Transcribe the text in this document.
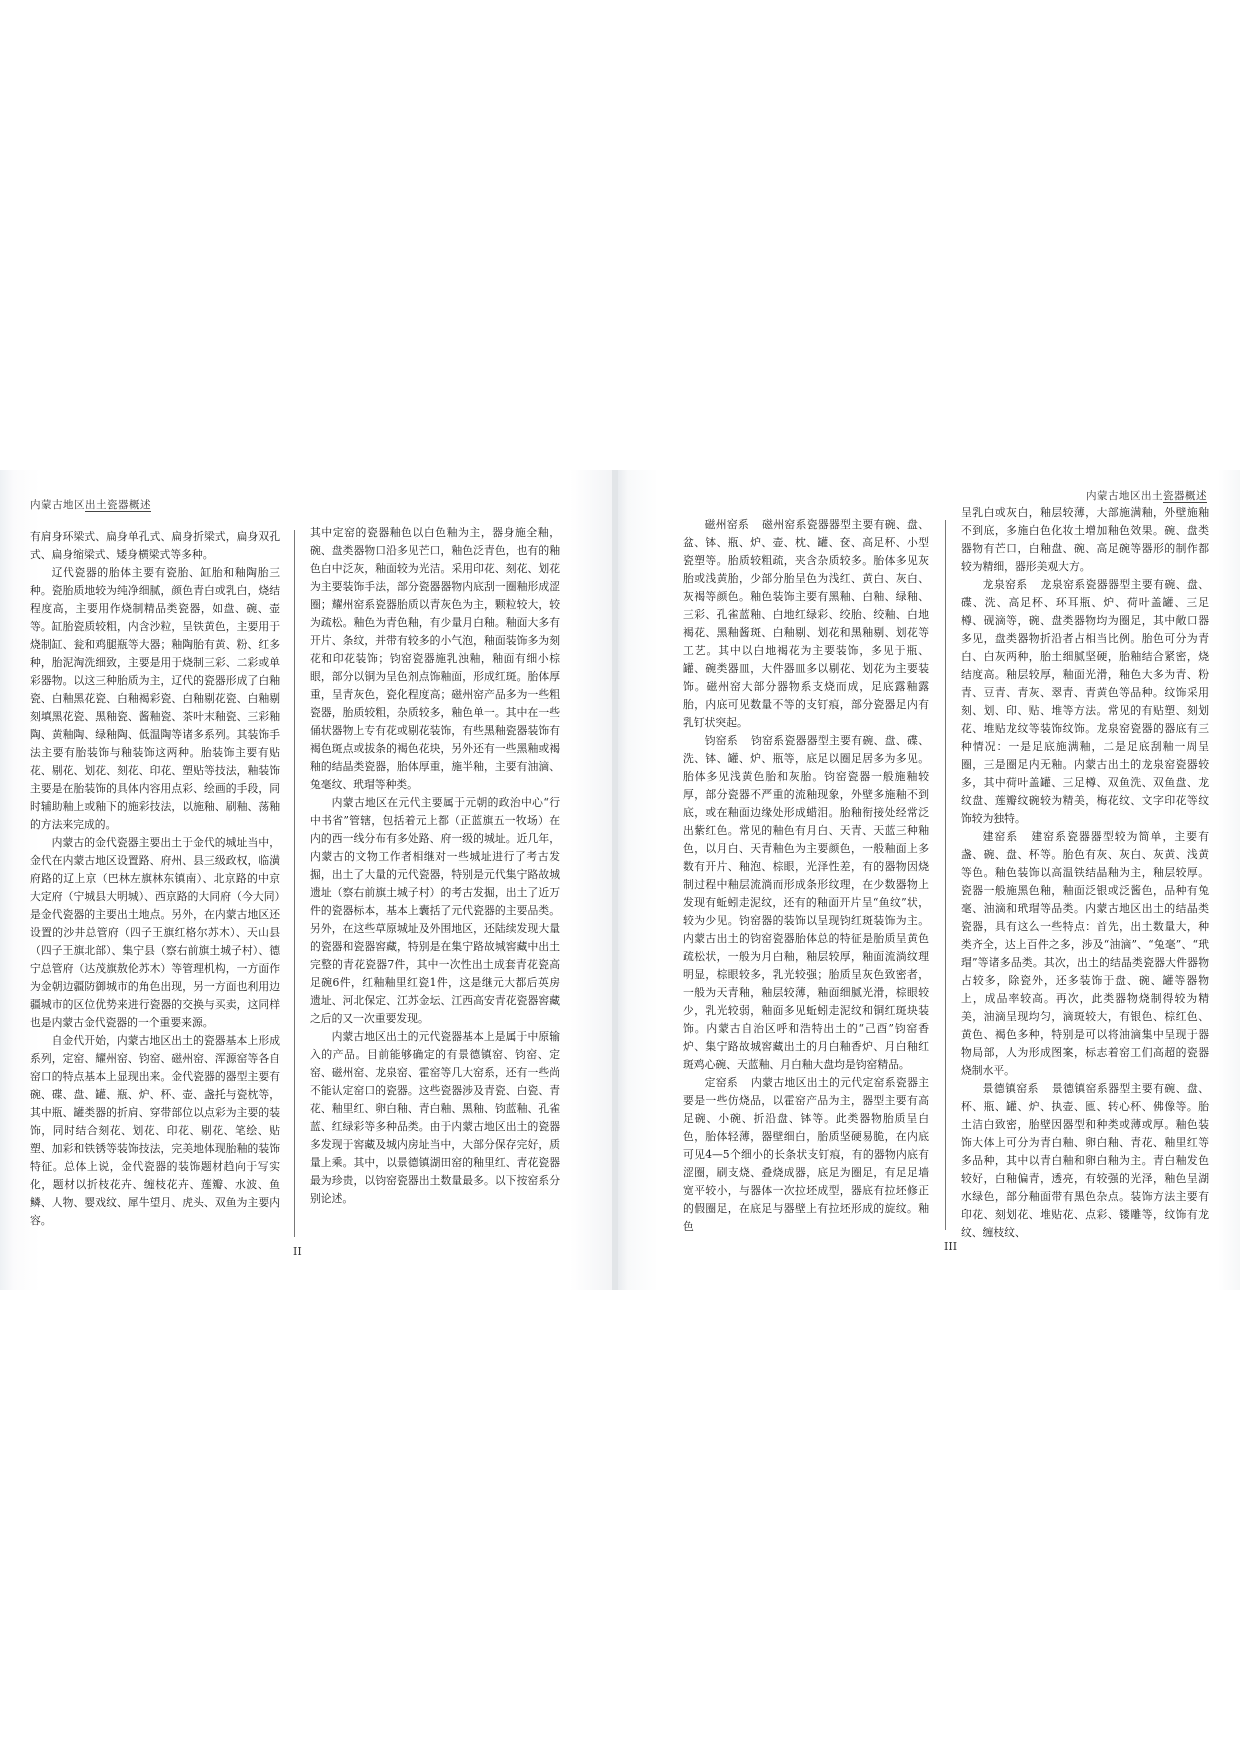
内蒙古地区出土瓷器概述
内蒙古地区出土瓷器概述

有肩身环梁式、扁身单孔式、扁身折梁式，扁身双孔式、扁身缩梁式、矮身横梁式等多种。

辽代瓷器的胎体主要有瓷胎、缸胎和釉陶胎三种。瓷胎质地较为纯净细腻，颜色青白或乳白，烧结程度高，主要用作烧制精品类瓷器，如盘、碗、壶等。缸胎瓷质较粗，内含沙粒，呈铁黄色，主要用于烧制缸、瓮和鸡腿瓶等大器；釉陶胎有黄、粉、红多种，胎泥淘洗细致，主要是用于烧制三彩、二彩或单彩器物。以这三种胎质为主，辽代的瓷器形成了白釉瓷、白釉黑花瓷、白釉褐彩瓷、白釉剔花瓷、白釉剔刻填黑花瓷、黑釉瓷、酱釉瓷、茶叶末釉瓷、三彩釉陶、黄釉陶、绿釉陶、低温陶等诸多系列。其装饰手法主要有胎装饰与釉装饰这两种。胎装饰主要有贴花、剔花、划花、刻花、印花、塑贴等技法，釉装饰主要是在胎装饰的具体内容用点彩、绘画的手段，同时辅助釉上或釉下的施彩技法，以施釉、刷釉、荡釉的方法来完成的。

内蒙古的金代瓷器主要出土于金代的城址当中，金代在内蒙古地区设置路、府州、县三级政权，临潢府路的辽上京（巴林左旗林东镇南）、北京路的中京大定府（宁城县大明城）、西京路的大同府（今大同）是金代瓷器的主要出土地点。另外，在内蒙古地区还设置的沙井总管府（四子王旗红格尔苏木）、天山县（四子王旗北部）、集宁县（察右前旗土城子村）、德宁总管府（达茂旗敖伦苏木）等管理机构，一方面作为金朝边疆防御城市的角色出现，另一方面也利用边疆城市的区位优势来进行瓷器的交换与买卖，这同样也是内蒙古金代瓷器的一个重要来源。

自金代开始，内蒙古地区出土的瓷器基本上形成系列，定窑、耀州窑、钧窑、磁州窑、浑源窑等各自窑口的特点基本上显现出来。金代瓷器的器型主要有碗、碟、盘、罐、瓶、炉、杯、壶、盏托与瓷枕等，其中瓶、罐类器的折肩、穿带部位以点彩为主要的装饰，同时结合刻花、划花、印花、剔花、笔绘、贴塑、加彩和铁锈等装饰技法，完美地体现胎釉的装饰特征。总体上说，金代瓷器的装饰题材趋向于写实化，题材以折枝花卉、缠枝花卉、莲瓣、水波、鱼鳞、人物、婴戏纹、犀牛望月、虎头、双鱼为主要内容。

其中定窑的瓷器釉色以白色釉为主，器身施全釉，碗、盘类器物口沿多见芒口，釉色泛青色，也有的釉色白中泛灰，釉面较为光洁。采用印花、刻花、划花为主要装饰手法，部分瓷器器物内底刮一圈釉形成涩圈；耀州窑系瓷器胎质以青灰色为主，颗粒较大，较为疏松。釉色为青色釉，有少量月白釉。釉面大多有开片、条纹，并带有较多的小气泡，釉面装饰多为刻花和印花装饰；钧窑瓷器施乳浊釉，釉面有细小棕眼，部分以铜为呈色剂点饰釉面，形成红斑。胎体厚重，呈青灰色，瓷化程度高；磁州窑产品多为一些粗瓷器，胎质较粗，杂质较多，釉色单一。其中在一些俑状器物上专有花或剔花装饰，有些黑釉瓷器装饰有褐色斑点或拔条的褐色花块，另外还有一些黑釉或褐釉的结晶类瓷器，胎体厚重，施半釉，主要有油滴、兔毫纹、玳瑁等种类。

内蒙古地区在元代主要属于元朝的政治中心“行中书省”管辖，包括着元上都（正蓝旗五一牧场）在内的西一线分布有多处路、府一级的城址。近几年，内蒙古的文物工作者相继对一些城址进行了考古发掘，出土了大量的元代瓷器，特别是元代集宁路故城遗址（察右前旗土城子村）的考古发掘，出土了近万件的瓷器标本，基本上囊括了元代瓷器的主要品类。另外，在这些草原城址及外围地区，还陆续发现大量的瓷器和瓷器窖藏，特别是在集宁路故城窖藏中出土完整的青花瓷器7件，其中一次性出土成套青花瓷高足碗6件，红釉釉里红瓷1件，这是继元大都后英房遗址、河北保定、江苏金坛、江西高安青花瓷器窖藏之后的又一次重要发现。

内蒙古地区出土的元代瓷器基本上是属于中原输入的产品。目前能够确定的有景德镇窑、钧窑、定窑、磁州窑、龙泉窑、霍窑等几大窑系，还有一些尚不能认定窑口的瓷器。这些瓷器涉及青瓷、白瓷、青花、釉里红、卵白釉、青白釉、黑釉、钧蓝釉、孔雀蓝、红绿彩等多种品类。由于内蒙古地区出土的瓷器多发现于窖藏及城内房址当中，大部分保存完好，质量上乘。其中，以景德镇湖田窑的釉里红、青花瓷器最为珍贵，以钧窑瓷器出土数量最多。以下按窑系分别论述。

磁州窑系 磁州窑系瓷器器型主要有碗、盘、盆、钵、瓶、炉、壶、枕、罐、奁、高足杯、小型瓷塑等。胎质较粗疏，夹含杂质较多。胎体多见灰胎或浅黄胎，少部分胎呈色为浅红、黄白、灰白、灰褐等颜色。釉色装饰主要有黑釉、白釉、绿釉、三彩、孔雀蓝釉、白地红绿彩、绞胎、绞釉、白地褐花、黑釉酱斑、白釉剔、划花和黑釉剔、划花等工艺。其中以白地褐花为主要装饰，多见于瓶、罐、碗类器皿，大件器皿多以剔花、划花为主要装饰。磁州窑大部分器物系支烧而成，足底露釉露胎，内底可见数量不等的支钉痕，部分瓷器足内有乳钉状突起。

钧窑系 钧窑系瓷器器型主要有碗、盘、碟、洗、钵、罐、炉、瓶等，底足以圈足居多为多见。胎体多见浅黄色胎和灰胎。钧窑瓷器一般施釉较厚，部分瓷器不严重的流釉现象，外壁多施釉不到底，或在釉面边缘处形成蜡泪。胎釉衔接处经常泛出紫红色。常见的釉色有月白、天青、天蓝三种釉色，以月白、天青釉色为主要颜色，一般釉面上多数有开片、釉泡、棕眼，光泽性差，有的器物因烧制过程中釉层流淌而形成条形纹理，在少数器物上发现有蚯蚓走泥纹，还有的釉面开片呈“鱼纹”状，较为少见。钧窑器的装饰以呈现钧红斑装饰为主。内蒙古出土的钧窑瓷器胎体总的特征是胎质呈黄色疏松状，一般为月白釉，釉层较厚，釉面流淌纹理明显，棕眼较多，乳光较强；胎质呈灰色致密者，一般为天青釉，釉层较薄，釉面细腻光滑，棕眼较少，乳光较弱，釉面多见蚯蚓走泥纹和铜红斑块装饰。内蒙古自治区呼和浩特出土的“己酉”钧窑香炉、集宁路故城窖藏出土的月白釉香炉、月白釉红斑鸡心碗、天蓝釉、月白釉大盘均是钧窑精品。

定窑系 内蒙古地区出土的元代定窑系瓷器主要是一些仿烧品，以霍窑产品为主，器型主要有高足碗、小碗、折沿盘、钵等。此类器物胎质呈白色，胎体轻薄，器壁细白，胎质坚硬易脆，在内底可见4—5个细小的长条状支钉痕，有的器物内底有涩圈，刷支烧、叠烧成器，底足为圈足，有足足墙宽平较小，与器体一次拉坯成型，器底有拉坯修正的假圈足，在底足与器壁上有拉坯形成的旋纹。釉色

呈乳白或灰白，釉层较薄，大部施满釉，外壁施釉不到底，多施白色化妆土增加釉色效果。碗、盘类器物有芒口，白釉盘、碗、高足碗等器形的制作都较为精细，器形美观大方。

龙泉窑系 龙泉窑系瓷器器型主要有碗、盘、碟、洗、高足杯、环耳瓶、炉、荷叶盖罐、三足樽、砚滴等，碗、盘类器物均为圈足，其中敞口器多见，盘类器物折沿者占相当比例。胎色可分为青白、白灰两种，胎土细腻坚硬，胎釉结合紧密，烧结度高。釉层较厚，釉面光滑，釉色大多为青、粉青、豆青、青灰、翠青、青黄色等品种。纹饰采用刻、划、印、贴、堆等方法。常见的有贴塑、刻划花、堆贴龙纹等装饰纹饰。龙泉窑瓷器的器底有三种情况：一是足底施满釉，二是足底刮釉一周呈圈，三是圈足内无釉。内蒙古出土的龙泉窑瓷器较多，其中荷叶盖罐、三足樽、双鱼洗、双鱼盘、龙纹盘、莲瓣纹碗较为精美，梅花纹、文字印花等纹饰较为独特。

建窑系 建窑系瓷器器型较为简单，主要有盏、碗、盘、杯等。胎色有灰、灰白、灰黄、浅黄等色。釉色装饰以高温铁结晶釉为主，釉层较厚。瓷器一般施黑色釉，釉面泛银或泛酱色，品种有兔毫、油滴和玳瑁等品类。内蒙古地区出土的结晶类瓷器，具有这么一些特点：首先，出土数量大，种类齐全，达上百件之多，涉及“油滴”、“兔毫”、“玳瑁”等诸多品类。其次，出土的结晶类瓷器大件器物占较多，除瓷外，还多装饰于盘、碗、罐等器物上，成品率较高。再次，此类器物烧制得较为精美，油滴呈现均匀，滴斑较大，有银色、棕红色、黄色、褐色多种，特别是可以将油滴集中呈现于器物局部，人为形成图案，标志着窑工们高超的瓷器烧制水平。

景德镇窑系 景德镇窑系器型主要有碗、盘、杯、瓶、罐、炉、执壶、匜、转心杯、佛像等。胎土洁白致密，胎壁因器型和种类或薄或厚。釉色装饰大体上可分为青白釉、卵白釉、青花、釉里红等多品种，其中以青白釉和卵白釉为主。青白釉发色较好，白釉偏青，透亮，有较强的光泽，釉色呈湖水绿色，部分釉面带有黑色杂点。装饰方法主要有印花、刻划花、堆贴花、点彩、镂雕等，纹饰有龙纹、缠枝纹、

II	III
